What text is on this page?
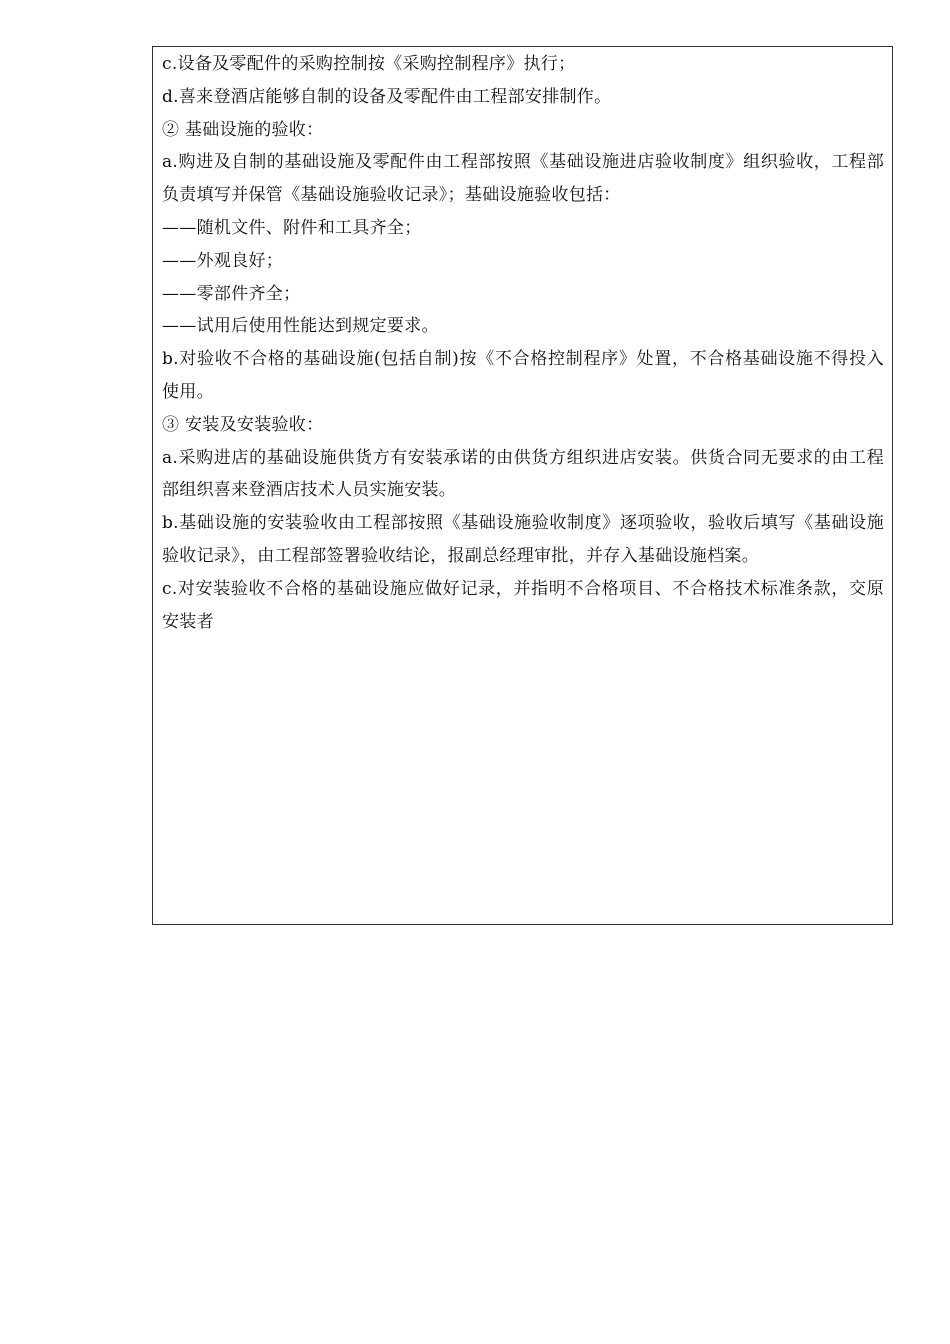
c.设备及零配件的采购控制按《采购控制程序》执行；

d.喜来登酒店能够自制的设备及零配件由工程部安排制作。

② 基础设施的验收：

a.购进及自制的基础设施及零配件由工程部按照《基础设施进店验收制度》组织验收，工程部负责填写并保管《基础设施验收记录》；基础设施验收包括：

——随机文件、附件和工具齐全；

——外观良好；

——零部件齐全；

——试用后使用性能达到规定要求。

b.对验收不合格的基础设施(包括自制)按《不合格控制程序》处置，不合格基础设施不得投入使用。

③ 安装及安装验收：

a.采购进店的基础设施供货方有安装承诺的由供货方组织进店安装。供货合同无要求的由工程部组织喜来登酒店技术人员实施安装。

b.基础设施的安装验收由工程部按照《基础设施验收制度》逐项验收，验收后填写《基础设施验收记录》，由工程部签署验收结论，报副总经理审批，并存入基础设施档案。

c.对安装验收不合格的基础设施应做好记录，并指明不合格项目、不合格技术标准条款，交原安装者
